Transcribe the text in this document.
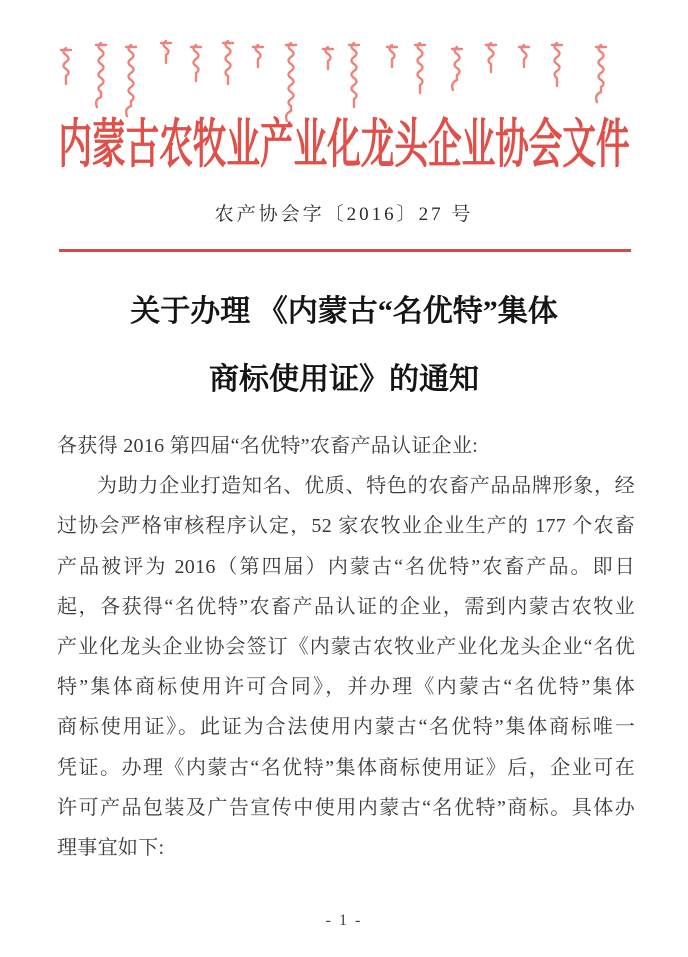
内蒙古农牧业产业化龙头企业协会文件
农产协会字〔2016〕27 号
关于办理 《内蒙古“名优特”集体
商标使用证》的通知
各获得 2016 第四届“名优特”农畜产品认证企业:
为助力企业打造知名、优质、特色的农畜产品品牌形象，经
过协会严格审核程序认定，52 家农牧业企业生产的 177 个农畜
产品被评为 2016（第四届）内蒙古“名优特”农畜产品。即日
起，各获得“名优特”农畜产品认证的企业，需到内蒙古农牧业
产业化龙头企业协会签订《内蒙古农牧业产业化龙头企业“名优
特”集体商标使用许可合同》，并办理《内蒙古“名优特”集体
商标使用证》。此证为合法使用内蒙古“名优特”集体商标唯一
凭证。办理《内蒙古“名优特”集体商标使用证》后，企业可在
许可产品包装及广告宣传中使用内蒙古“名优特”商标。具体办
理事宜如下:
- 1 -
